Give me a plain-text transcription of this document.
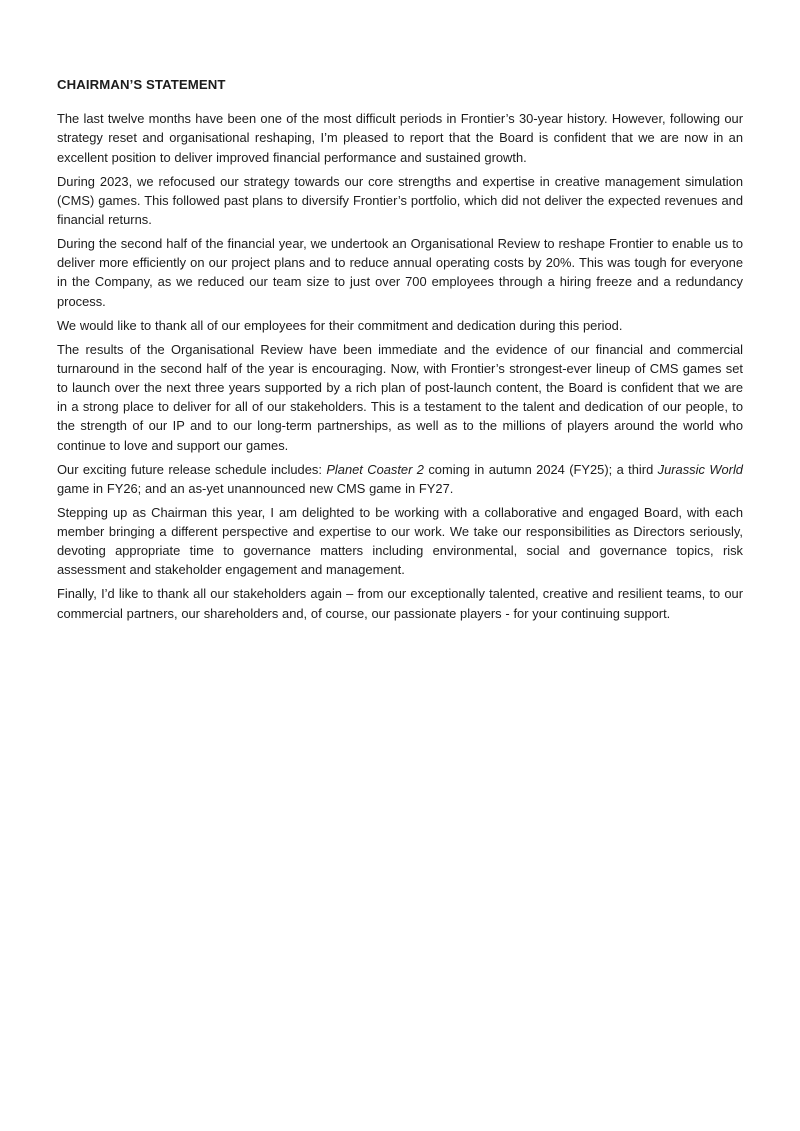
CHAIRMAN’S STATEMENT

The last twelve months have been one of the most difficult periods in Frontier’s 30-year history. However, following our strategy reset and organisational reshaping, I’m pleased to report that the Board is confident that we are now in an excellent position to deliver improved financial performance and sustained growth.

During 2023, we refocused our strategy towards our core strengths and expertise in creative management simulation (CMS) games. This followed past plans to diversify Frontier’s portfolio, which did not deliver the expected revenues and financial returns.

During the second half of the financial year, we undertook an Organisational Review to reshape Frontier to enable us to deliver more efficiently on our project plans and to reduce annual operating costs by 20%. This was tough for everyone in the Company, as we reduced our team size to just over 700 employees through a hiring freeze and a redundancy process.

We would like to thank all of our employees for their commitment and dedication during this period.

The results of the Organisational Review have been immediate and the evidence of our financial and commercial turnaround in the second half of the year is encouraging. Now, with Frontier’s strongest-ever lineup of CMS games set to launch over the next three years supported by a rich plan of post-launch content, the Board is confident that we are in a strong place to deliver for all of our stakeholders. This is a testament to the talent and dedication of our people, to the strength of our IP and to our long-term partnerships, as well as to the millions of players around the world who continue to love and support our games.

Our exciting future release schedule includes: Planet Coaster 2 coming in autumn 2024 (FY25); a third Jurassic World game in FY26; and an as-yet unannounced new CMS game in FY27.

Stepping up as Chairman this year, I am delighted to be working with a collaborative and engaged Board, with each member bringing a different perspective and expertise to our work. We take our responsibilities as Directors seriously, devoting appropriate time to governance matters including environmental, social and governance topics, risk assessment and stakeholder engagement and management.

Finally, I’d like to thank all our stakeholders again – from our exceptionally talented, creative and resilient teams, to our commercial partners, our shareholders and, of course, our passionate players - for your continuing support.
